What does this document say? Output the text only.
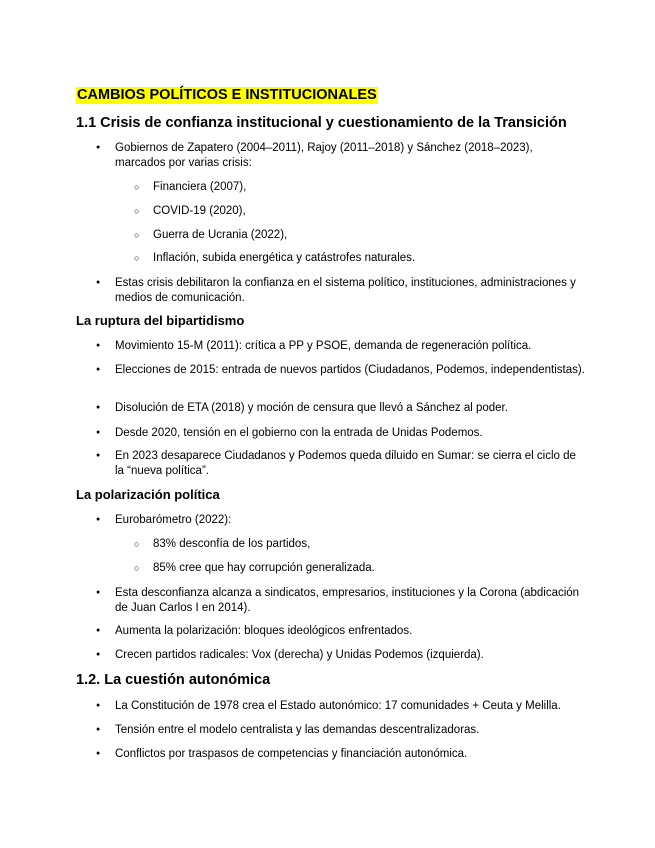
CAMBIOS POLÍTICOS E INSTITUCIONALES
1.1 Crisis de confianza institucional y cuestionamiento de la Transición
● Gobiernos de Zapatero (2004–2011), Rajoy (2011–2018) y Sánchez (2018–2023), marcados por varias crisis:
○ Financiera (2007),
○ COVID-19 (2020),
○ Guerra de Ucrania (2022),
○ Inflación, subida energética y catástrofes naturales.
● Estas crisis debilitaron la confianza en el sistema político, instituciones, administraciones y medios de comunicación.
La ruptura del bipartidismo
● Movimiento 15-M (2011): crítica a PP y PSOE, demanda de regeneración política.
● Elecciones de 2015: entrada de nuevos partidos (Ciudadanos, Podemos, independentistas).
● Disolución de ETA (2018) y moción de censura que llevó a Sánchez al poder.
● Desde 2020, tensión en el gobierno con la entrada de Unidas Podemos.
● En 2023 desaparece Ciudadanos y Podemos queda diluido en Sumar: se cierra el ciclo de la “nueva política”.
La polarización política
● Eurobarómetro (2022):
○ 83% desconfía de los partidos,
○ 85% cree que hay corrupción generalizada.
● Esta desconfianza alcanza a sindicatos, empresarios, instituciones y la Corona (abdicación de Juan Carlos I en 2014).
● Aumenta la polarización: bloques ideológicos enfrentados.
● Crecen partidos radicales: Vox (derecha) y Unidas Podemos (izquierda).
1.2. La cuestión autonómica
● La Constitución de 1978 crea el Estado autonómico: 17 comunidades + Ceuta y Melilla.
● Tensión entre el modelo centralista y las demandas descentralizadoras.
● Conflictos por traspasos de competencias y financiación autonómica.
